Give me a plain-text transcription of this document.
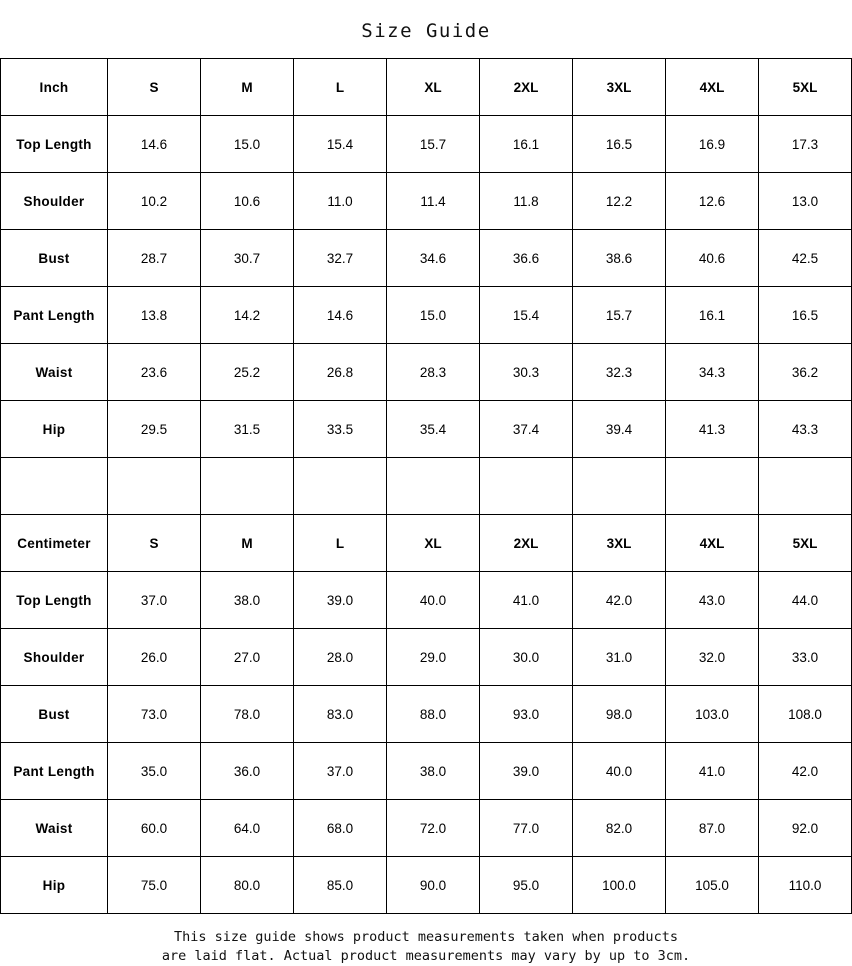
Size Guide
Inch	S	M	L	XL	2XL	3XL	4XL	5XL
Top Length	14.6	15.0	15.4	15.7	16.1	16.5	16.9	17.3
Shoulder	10.2	10.6	11.0	11.4	11.8	12.2	12.6	13.0
Bust	28.7	30.7	32.7	34.6	36.6	38.6	40.6	42.5
Pant Length	13.8	14.2	14.6	15.0	15.4	15.7	16.1	16.5
Waist	23.6	25.2	26.8	28.3	30.3	32.3	34.3	36.2
Hip	29.5	31.5	33.5	35.4	37.4	39.4	41.3	43.3

Centimeter	S	M	L	XL	2XL	3XL	4XL	5XL
Top Length	37.0	38.0	39.0	40.0	41.0	42.0	43.0	44.0
Shoulder	26.0	27.0	28.0	29.0	30.0	31.0	32.0	33.0
Bust	73.0	78.0	83.0	88.0	93.0	98.0	103.0	108.0
Pant Length	35.0	36.0	37.0	38.0	39.0	40.0	41.0	42.0
Waist	60.0	64.0	68.0	72.0	77.0	82.0	87.0	92.0
Hip	75.0	80.0	85.0	90.0	95.0	100.0	105.0	110.0
This size guide shows product measurements taken when products
are laid flat. Actual product measurements may vary by up to 3cm.
